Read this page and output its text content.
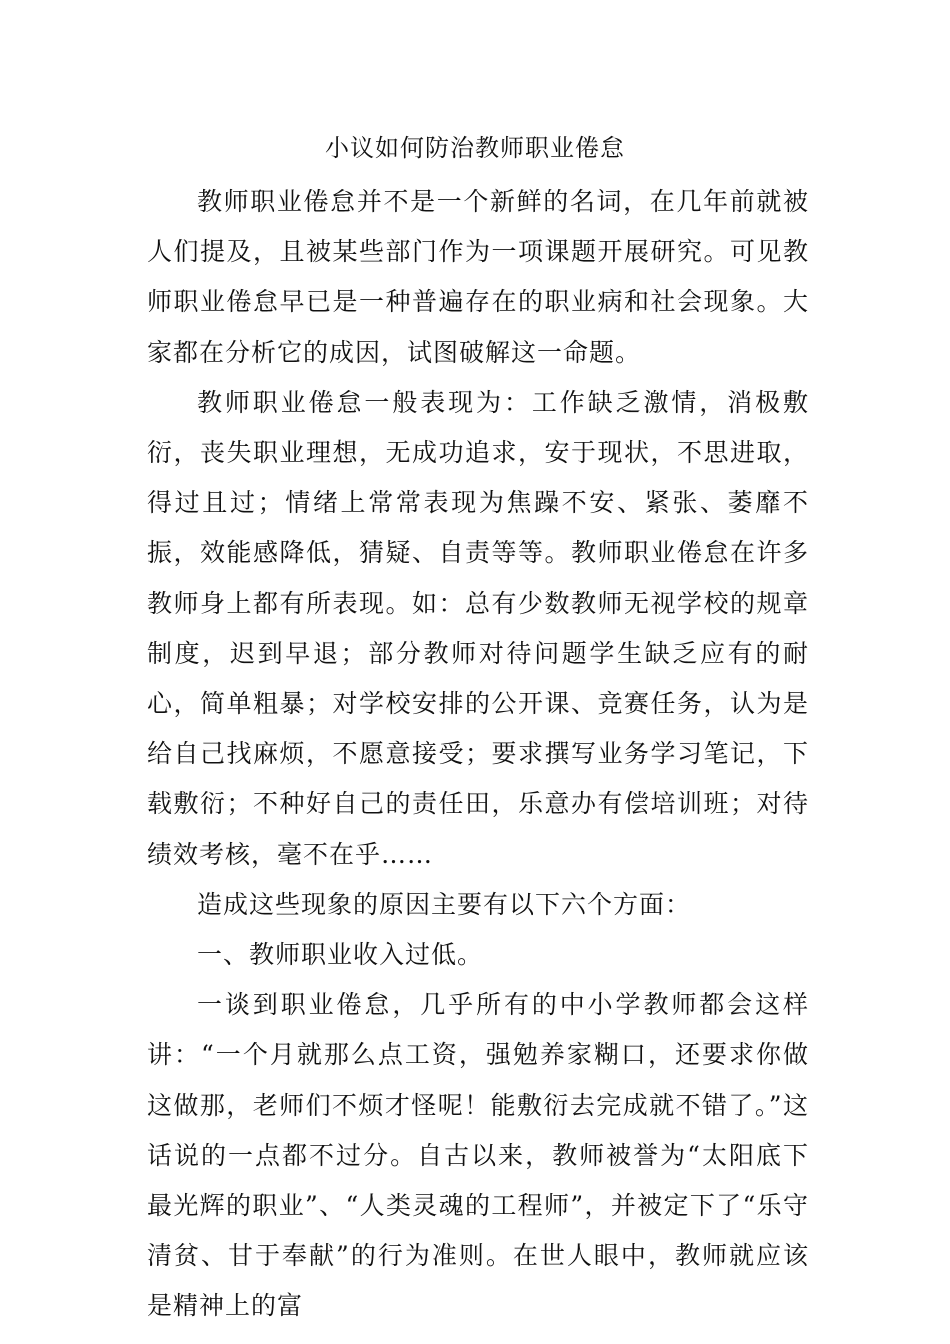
小议如何防治教师职业倦怠

教师职业倦怠并不是一个新鲜的名词，在几年前就被人们提及，且被某些部门作为一项课题开展研究。可见教师职业倦怠早已是一种普遍存在的职业病和社会现象。大家都在分析它的成因，试图破解这一命题。

教师职业倦怠一般表现为：工作缺乏激情，消极敷衍，丧失职业理想，无成功追求，安于现状，不思进取，得过且过；情绪上常常表现为焦躁不安、紧张、萎靡不振，效能感降低，猜疑、自责等等。教师职业倦怠在许多教师身上都有所表现。如：总有少数教师无视学校的规章制度，迟到早退；部分教师对待问题学生缺乏应有的耐心，简单粗暴；对学校安排的公开课、竞赛任务，认为是给自己找麻烦，不愿意接受；要求撰写业务学习笔记，下载敷衍；不种好自己的责任田，乐意办有偿培训班；对待绩效考核，毫不在乎……

造成这些现象的原因主要有以下六个方面：

一、教师职业收入过低。

一谈到职业倦怠，几乎所有的中小学教师都会这样讲：“一个月就那么点工资，强勉养家糊口，还要求你做这做那，老师们不烦才怪呢！能敷衍去完成就不错了。”这话说的一点都不过分。自古以来，教师被誉为“太阳底下最光辉的职业”、“人类灵魂的工程师”，并被定下了“乐守清贫、甘于奉献”的行为准则。在世人眼中，教师就应该是精神上的富
